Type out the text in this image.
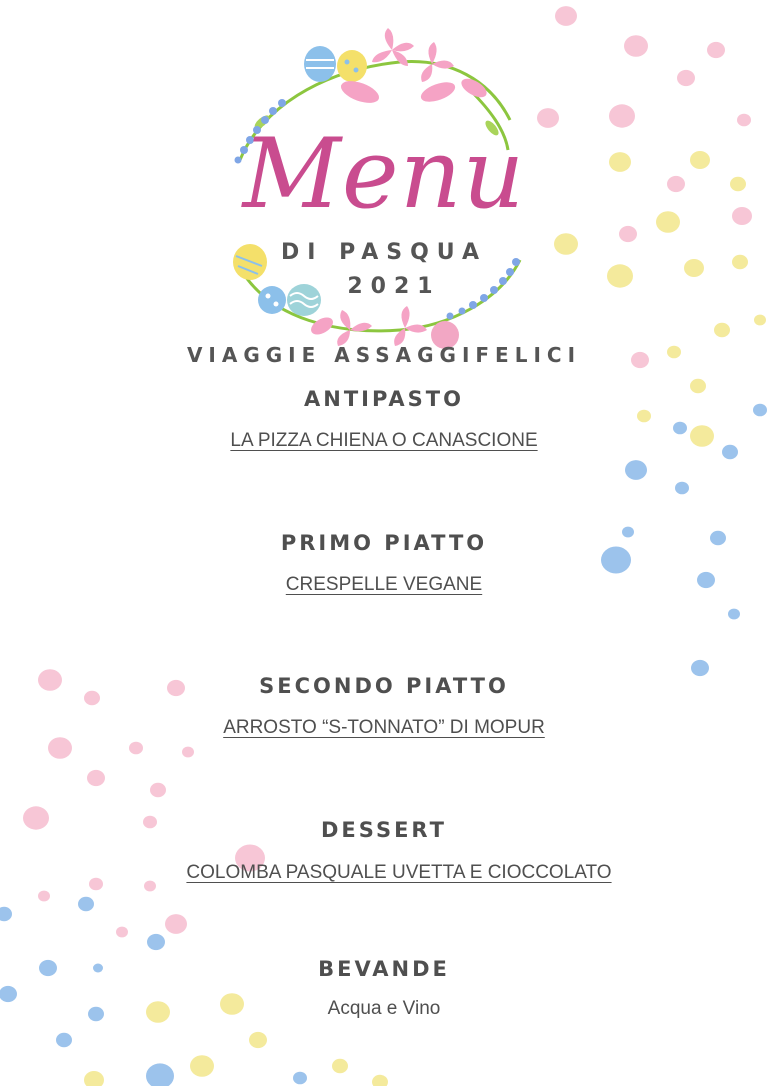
Menu
DI PASQUA
2021
VIAGGIE ASSAGGIFELICI
ANTIPASTO
LA PIZZA CHIENA O CANASCIONE
PRIMO PIATTO
CRESPELLE VEGANE
SECONDO PIATTO
ARROSTO “S-TONNATO” DI MOPUR
DESSERT
COLOMBA PASQUALE UVETTA E CIOCCOLATO
BEVANDE
Acqua e Vino
